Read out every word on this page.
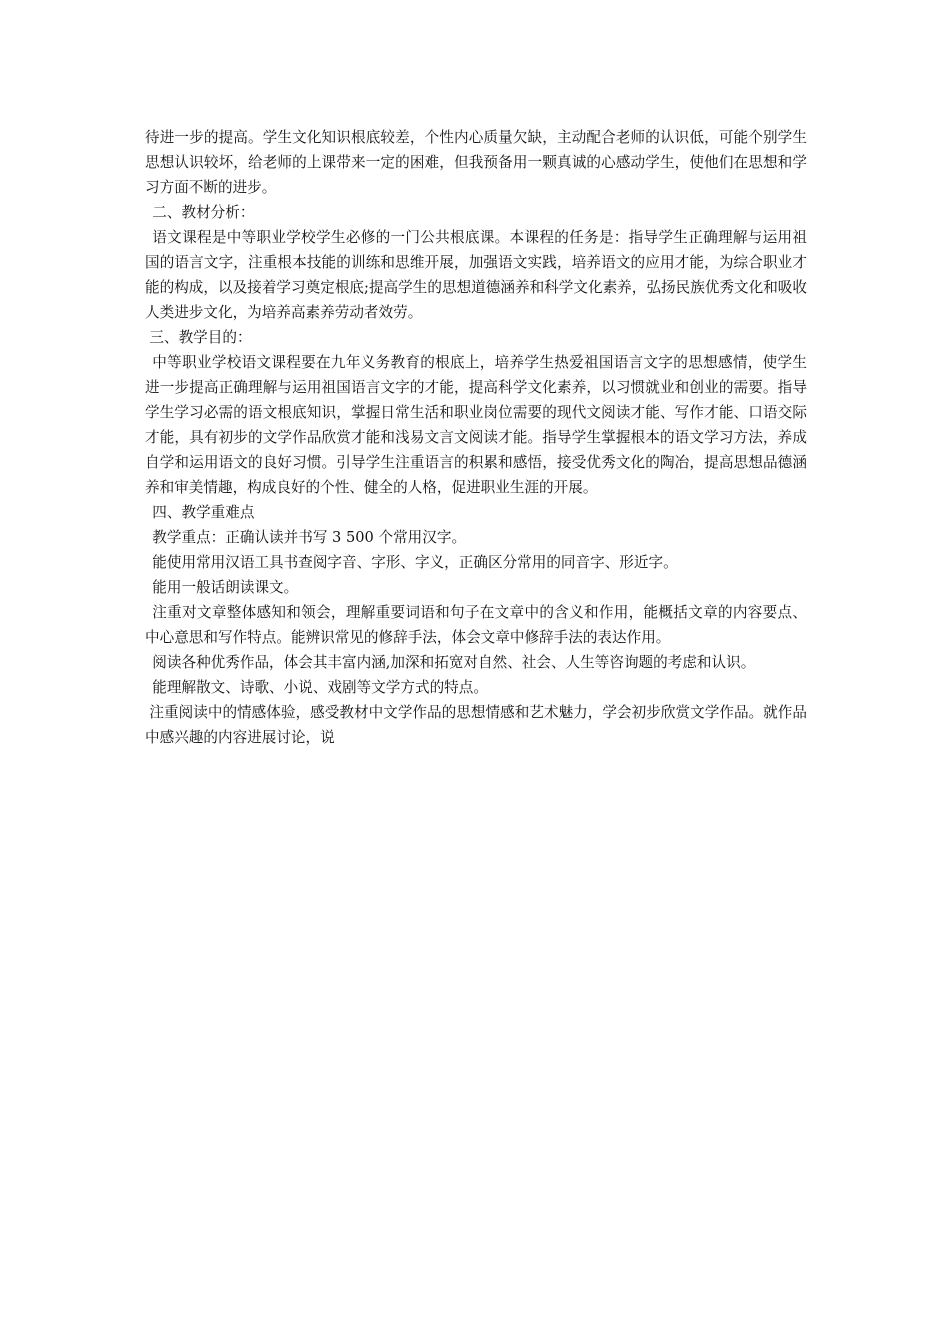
待进一步的提高。学生文化知识根底较差，个性内心质量欠缺，主动配合老师的认识低，可能个别学生思想认识较坏，给老师的上课带来一定的困难，但我预备用一颗真诚的心感动学生，使他们在思想和学习方面不断的进步。

二、教材分析：

语文课程是中等职业学校学生必修的一门公共根底课。本课程的任务是：指导学生正确理解与运用祖国的语言文字，注重根本技能的训练和思维开展，加强语文实践，培养语文的应用才能，为综合职业才能的构成，以及接着学习奠定根底;提高学生的思想道德涵养和科学文化素养，弘扬民族优秀文化和吸收人类进步文化，为培养高素养劳动者效劳。

三、教学目的：

中等职业学校语文课程要在九年义务教育的根底上，培养学生热爱祖国语言文字的思想感情，使学生进一步提高正确理解与运用祖国语言文字的才能，提高科学文化素养，以习惯就业和创业的需要。指导学生学习必需的语文根底知识，掌握日常生活和职业岗位需要的现代文阅读才能、写作才能、口语交际才能，具有初步的文学作品欣赏才能和浅易文言文阅读才能。指导学生掌握根本的语文学习方法，养成自学和运用语文的良好习惯。引导学生注重语言的积累和感悟，接受优秀文化的陶冶，提高思想品德涵养和审美情趣，构成良好的个性、健全的人格，促进职业生涯的开展。

四、教学重难点

教学重点：正确认读并书写 3 500 个常用汉字。

能使用常用汉语工具书查阅字音、字形、字义，正确区分常用的同音字、形近字。

能用一般话朗读课文。

注重对文章整体感知和领会，理解重要词语和句子在文章中的含义和作用，能概括文章的内容要点、中心意思和写作特点。能辨识常见的修辞手法，体会文章中修辞手法的表达作用。

阅读各种优秀作品，体会其丰富内涵,加深和拓宽对自然、社会、人生等咨询题的考虑和认识。

能理解散文、诗歌、小说、戏剧等文学方式的特点。

注重阅读中的情感体验，感受教材中文学作品的思想情感和艺术魅力，学会初步欣赏文学作品。就作品中感兴趣的内容进展讨论，说
